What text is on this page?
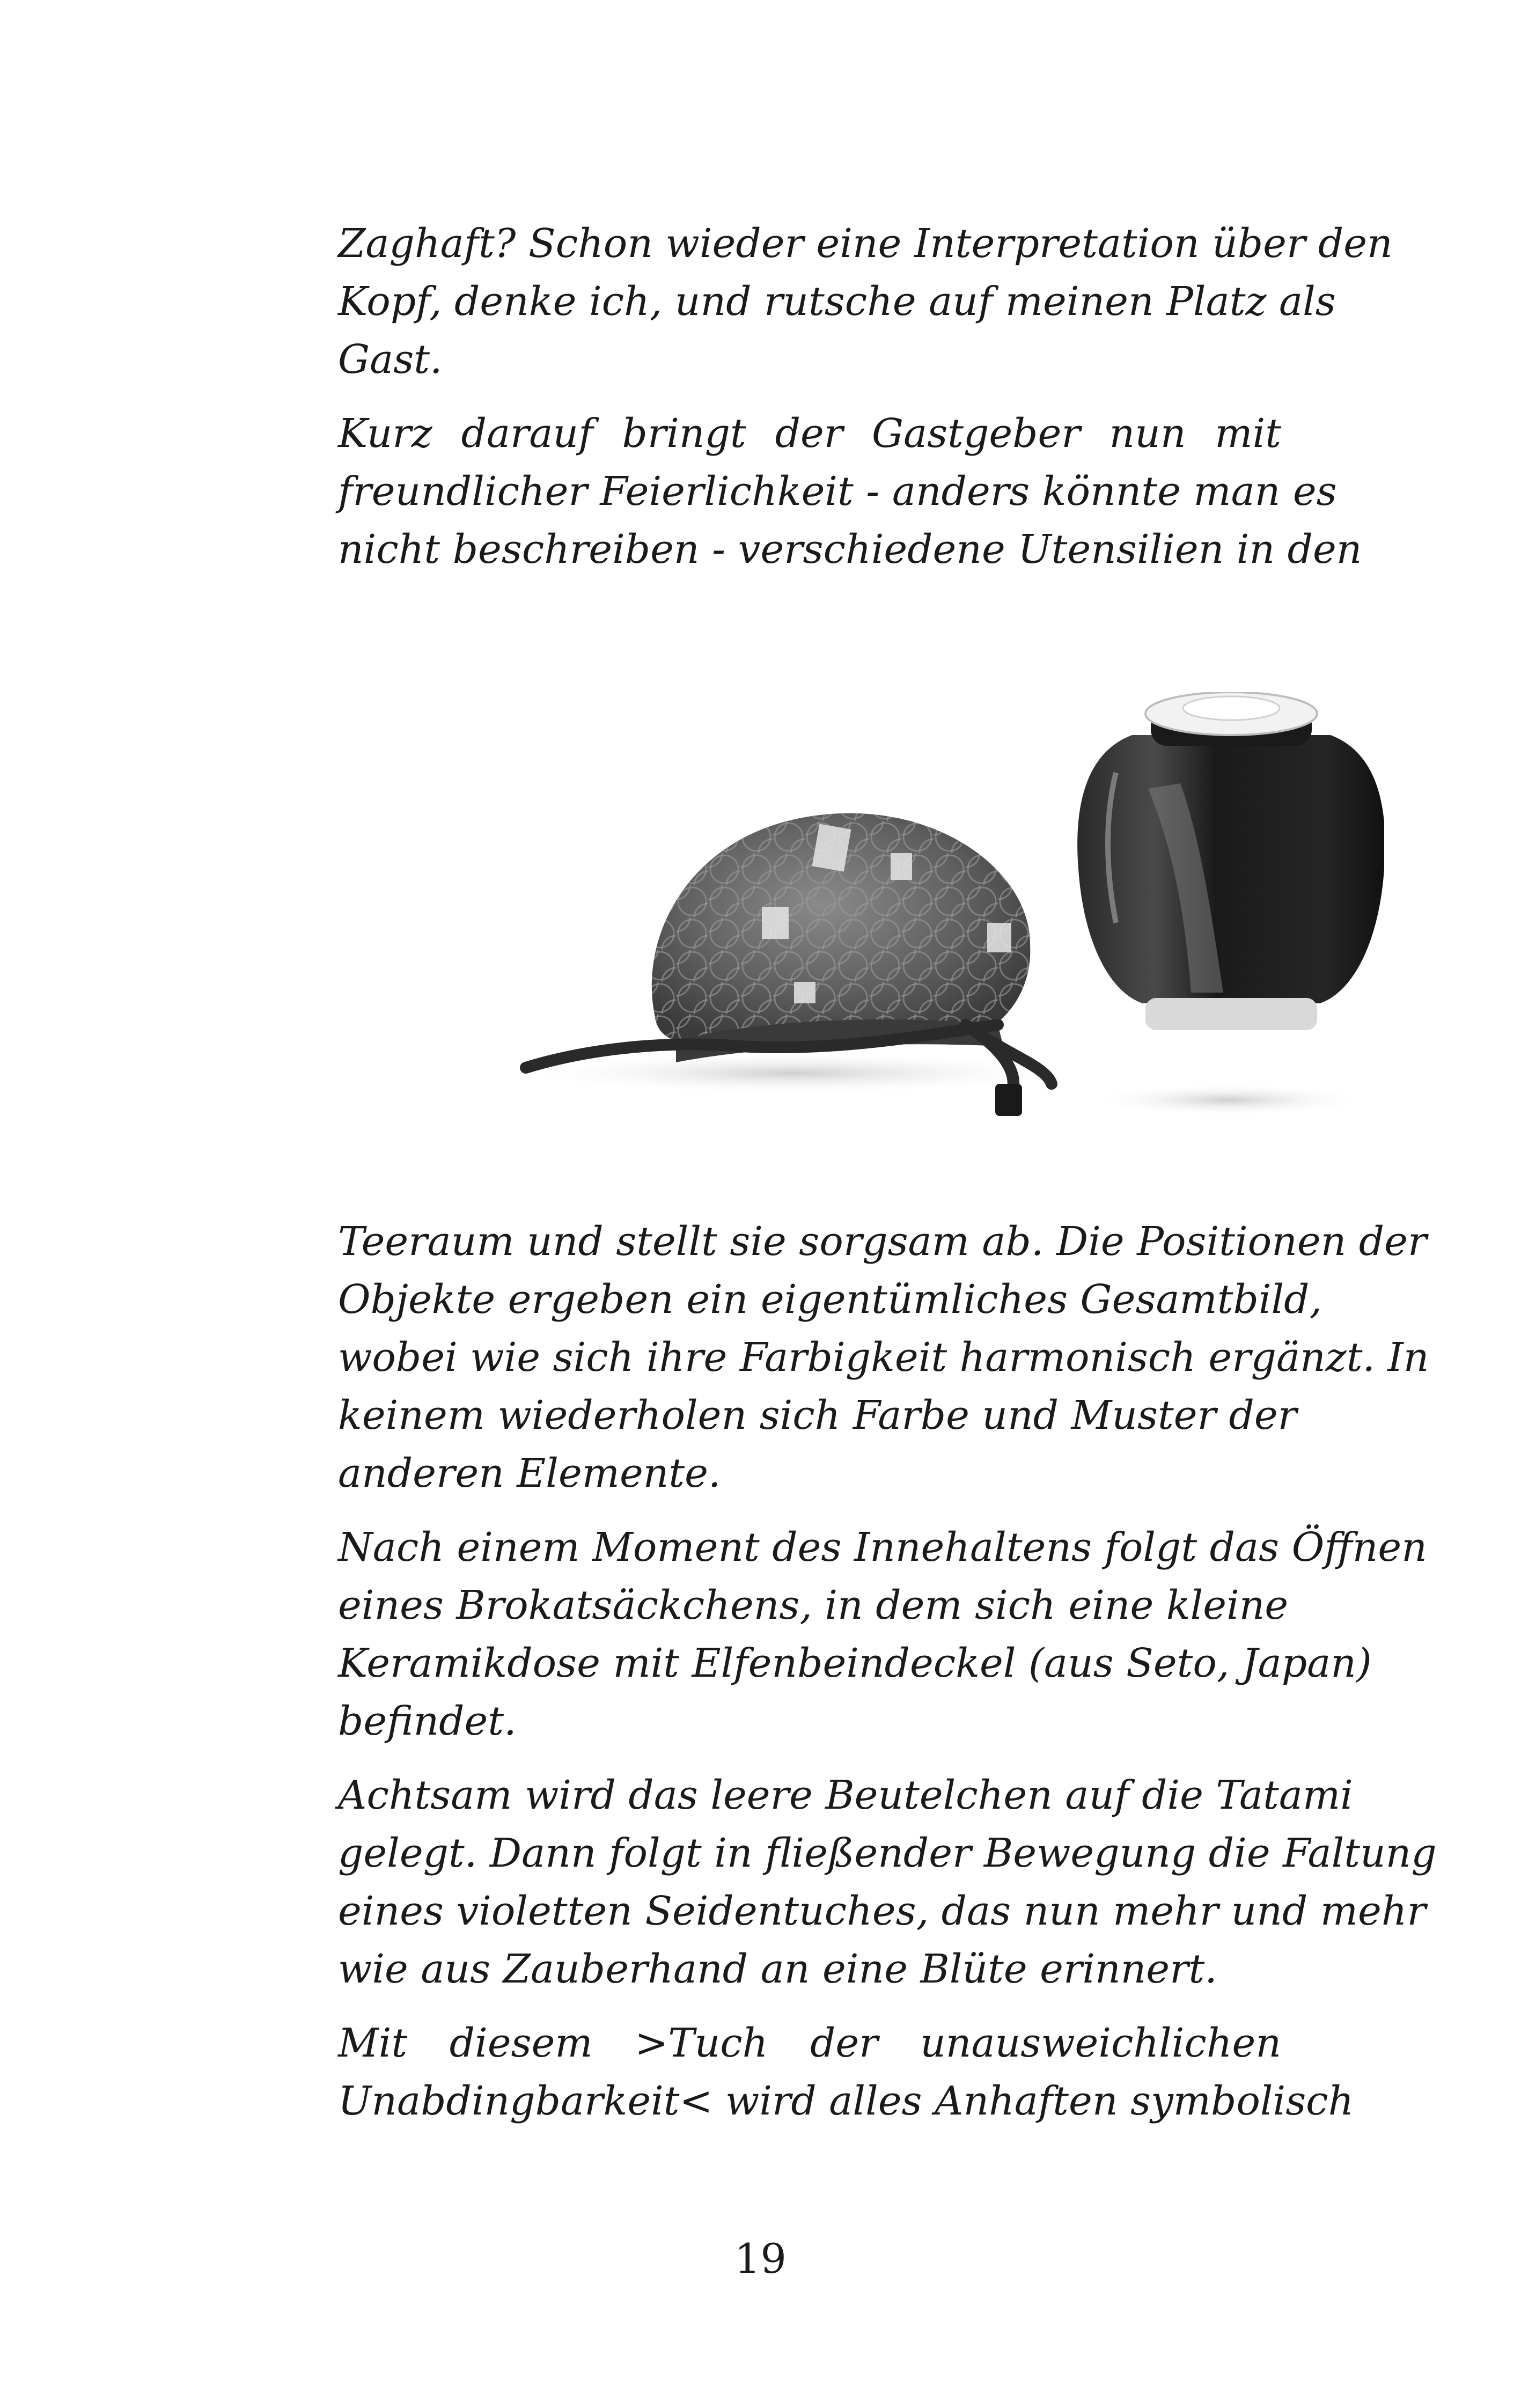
Zaghaft? Schon wieder eine Interpretation über den
Kopf, denke ich, und rutsche auf meinen Platz als
Gast.

Kurz darauf bringt der Gastgeber nun mit
freundlicher Feierlichkeit - anders könnte man es
nicht beschreiben - verschiedene Utensilien in den

Teeraum und stellt sie sorgsam ab. Die Positionen der
Objekte ergeben ein eigentümliches Gesamtbild,
wobei wie sich ihre Farbigkeit harmonisch ergänzt. In
keinem wiederholen sich Farbe und Muster der
anderen Elemente.

Nach einem Moment des Innehaltens folgt das Öffnen
eines Brokatsäckchens, in dem sich eine kleine
Keramikdose mit Elfenbeindeckel (aus Seto, Japan)
befindet.

Achtsam wird das leere Beutelchen auf die Tatami
gelegt. Dann folgt in fließender Bewegung die Faltung
eines violetten Seidentuches, das nun mehr und mehr
wie aus Zauberhand an eine Blüte erinnert.

Mit diesem >Tuch der unausweichlichen
Unabdingbarkeit< wird alles Anhaften symbolisch

19
